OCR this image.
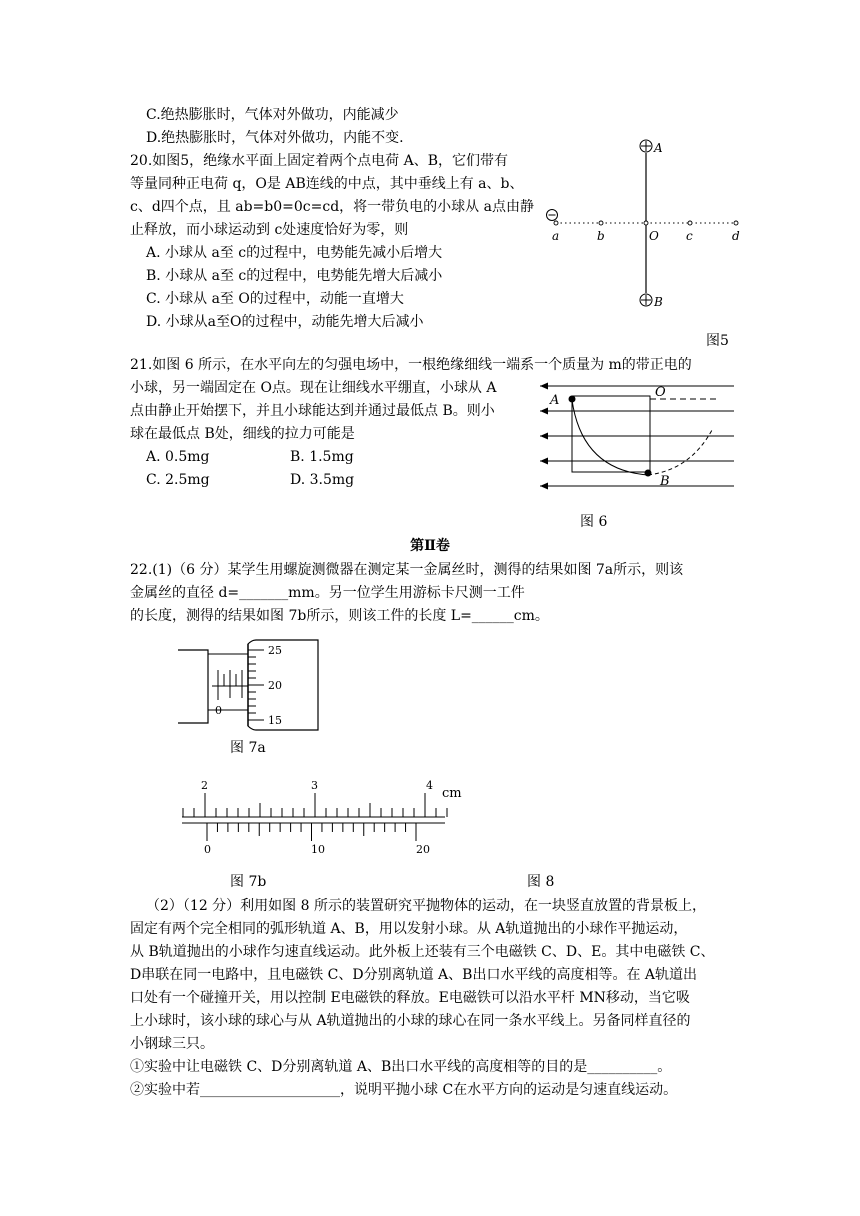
C.绝热膨胀时，气体对外做功，内能减少
D.绝热膨胀时，气体对外做功，内能不变.
20.如图5，绝缘水平面上固定着两个点电荷 A、B，它们带有
等量同种正电荷 q，O是 AB连线的中点，其中垂线上有 a、b、
c、d四个点，且 ab=b0=0c=cd，将一带负电的小球从 a点由静
止释放，而小球运动到 c处速度恰好为零，则
A. 小球从 a至 c的过程中，电势能先减小后增大
B. 小球从 a至 c的过程中，电势能先增大后减小
C. 小球从 a至 O的过程中，动能一直增大
D. 小球从a至O的过程中，动能先增大后减小
A
B
a	b	O c	d
图5
21.如图 6 所示，在水平向左的匀强电场中，一根绝缘细线一端系一个质量为 m的带正电的
小球，另一端固定在 O点。现在让细线水平绷直，小球从 A
点由静止开始摆下，并且小球能达到并通过最低点 B。则小
球在最低点 B处，细线的拉力可能是
A. 0.5mg	B. 1.5mg
C. 2.5mg	D. 3.5mg
A
O
B
图 6
第Ⅱ卷
22.(1)（6 分）某学生用螺旋测微器在测定某一金属丝时，测得的结果如图 7a所示，则该
金属丝的直径 d=_______mm。另一位学生用游标卡尺测一工件
的长度，测得的结果如图 7b所示，则该工件的长度 L=______cm。
0
25
20
15
图 7a
2	3	4
cm
0	10	20
图 7b	图 8
（2）（12 分）利用如图 8 所示的装置研究平抛物体的运动，在一块竖直放置的背景板上，
固定有两个完全相同的弧形轨道 A、B，用以发射小球。从 A轨道抛出的小球作平抛运动，
从 B轨道抛出的小球作匀速直线运动。此外板上还装有三个电磁铁 C、D、E。其中电磁铁 C、
D串联在同一电路中，且电磁铁 C、D分别离轨道 A、B出口水平线的高度相等。在 A轨道出
口处有一个碰撞开关，用以控制 E电磁铁的释放。E电磁铁可以沿水平杆 MN移动，当它吸
上小球时，该小球的球心与从 A轨道抛出的小球的球心在同一条水平线上。另备同样直径的
小钢球三只。
①实验中让电磁铁 C、D分别离轨道 A、B出口水平线的高度相等的目的是__________。
②实验中若____________________，说明平抛小球 C在水平方向的运动是匀速直线运动。
